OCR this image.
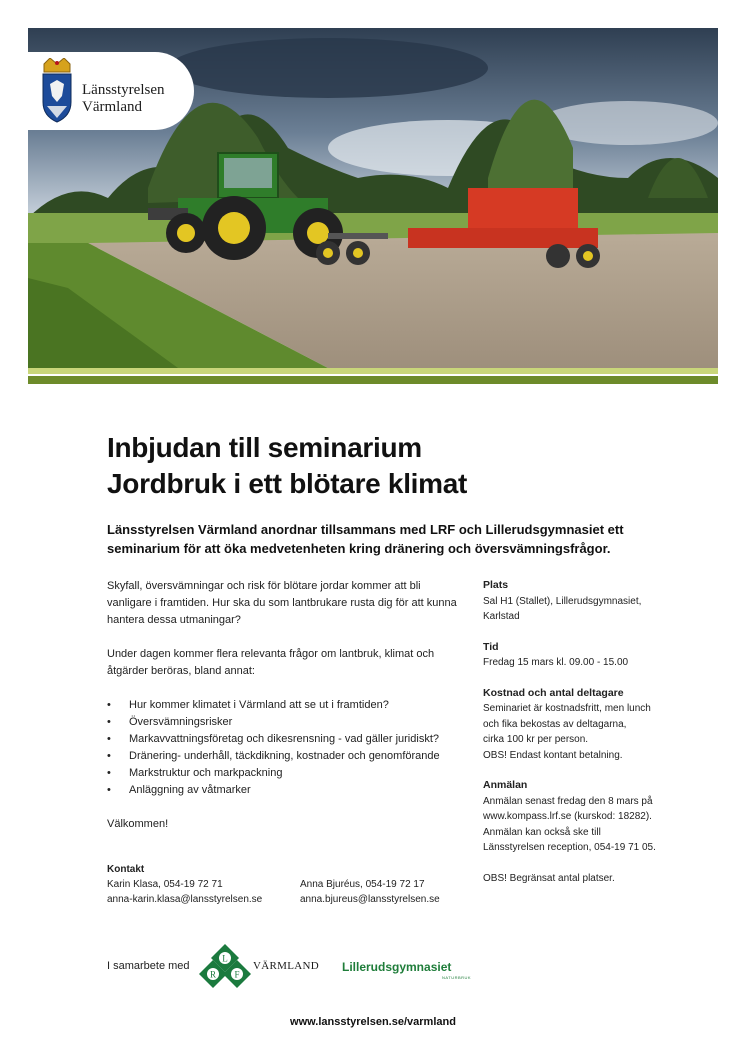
Länsstyrelsen
Värmland
Inbjudan till seminarium
Jordbruk i ett blötare klimat

Länsstyrelsen Värmland anordnar tillsammans med LRF och Lillerudsgymnasiet ett seminarium för att öka medvetenheten kring dränering och översvämningsfrågor.

Skyfall, översvämningar och risk för blötare jordar kommer att bli vanligare i framtiden. Hur ska du som lantbrukare rusta dig för att kunna hantera dessa utmaningar?

Under dagen kommer flera relevanta frågor om lantbruk, klimat och åtgärder beröras, bland annat:

• Hur kommer klimatet i Värmland att se ut i framtiden?
• Översvämningsrisker
• Markavvattningsföretag och dikesrensning - vad gäller juridiskt?
• Dränering- underhåll, täckdikning, kostnader och genomförande
• Markstruktur och markpackning
• Anläggning av våtmarker

Välkommen!

Kontakt
Karin Klasa, 054-19 72 71
anna-karin.klasa@lansstyrelsen.se
Anna Bjuréus, 054-19 72 17
anna.bjureus@lansstyrelsen.se
Plats
Sal H1 (Stallet), Lillerudsgymnasiet, Karlstad
Tid
Fredag 15 mars kl. 09.00 - 15.00
Kostnad och antal deltagare
Seminariet är kostnadsfritt, men lunch
och fika bekostas av deltagarna,
cirka 100 kr per person.
OBS! Endast kontant betalning.
Anmälan
Anmälan senast fredag den 8 mars på
www.kompass.lrf.se (kurskod: 18282).
Anmälan kan också ske till
Länsstyrelsen reception, 054-19 71 05.
OBS! Begränsat antal platser.
I samarbete med
L
R F
VÄRMLAND Lillerudsgymnasiet
NATURBRUK
www.lansstyrelsen.se/varmland
